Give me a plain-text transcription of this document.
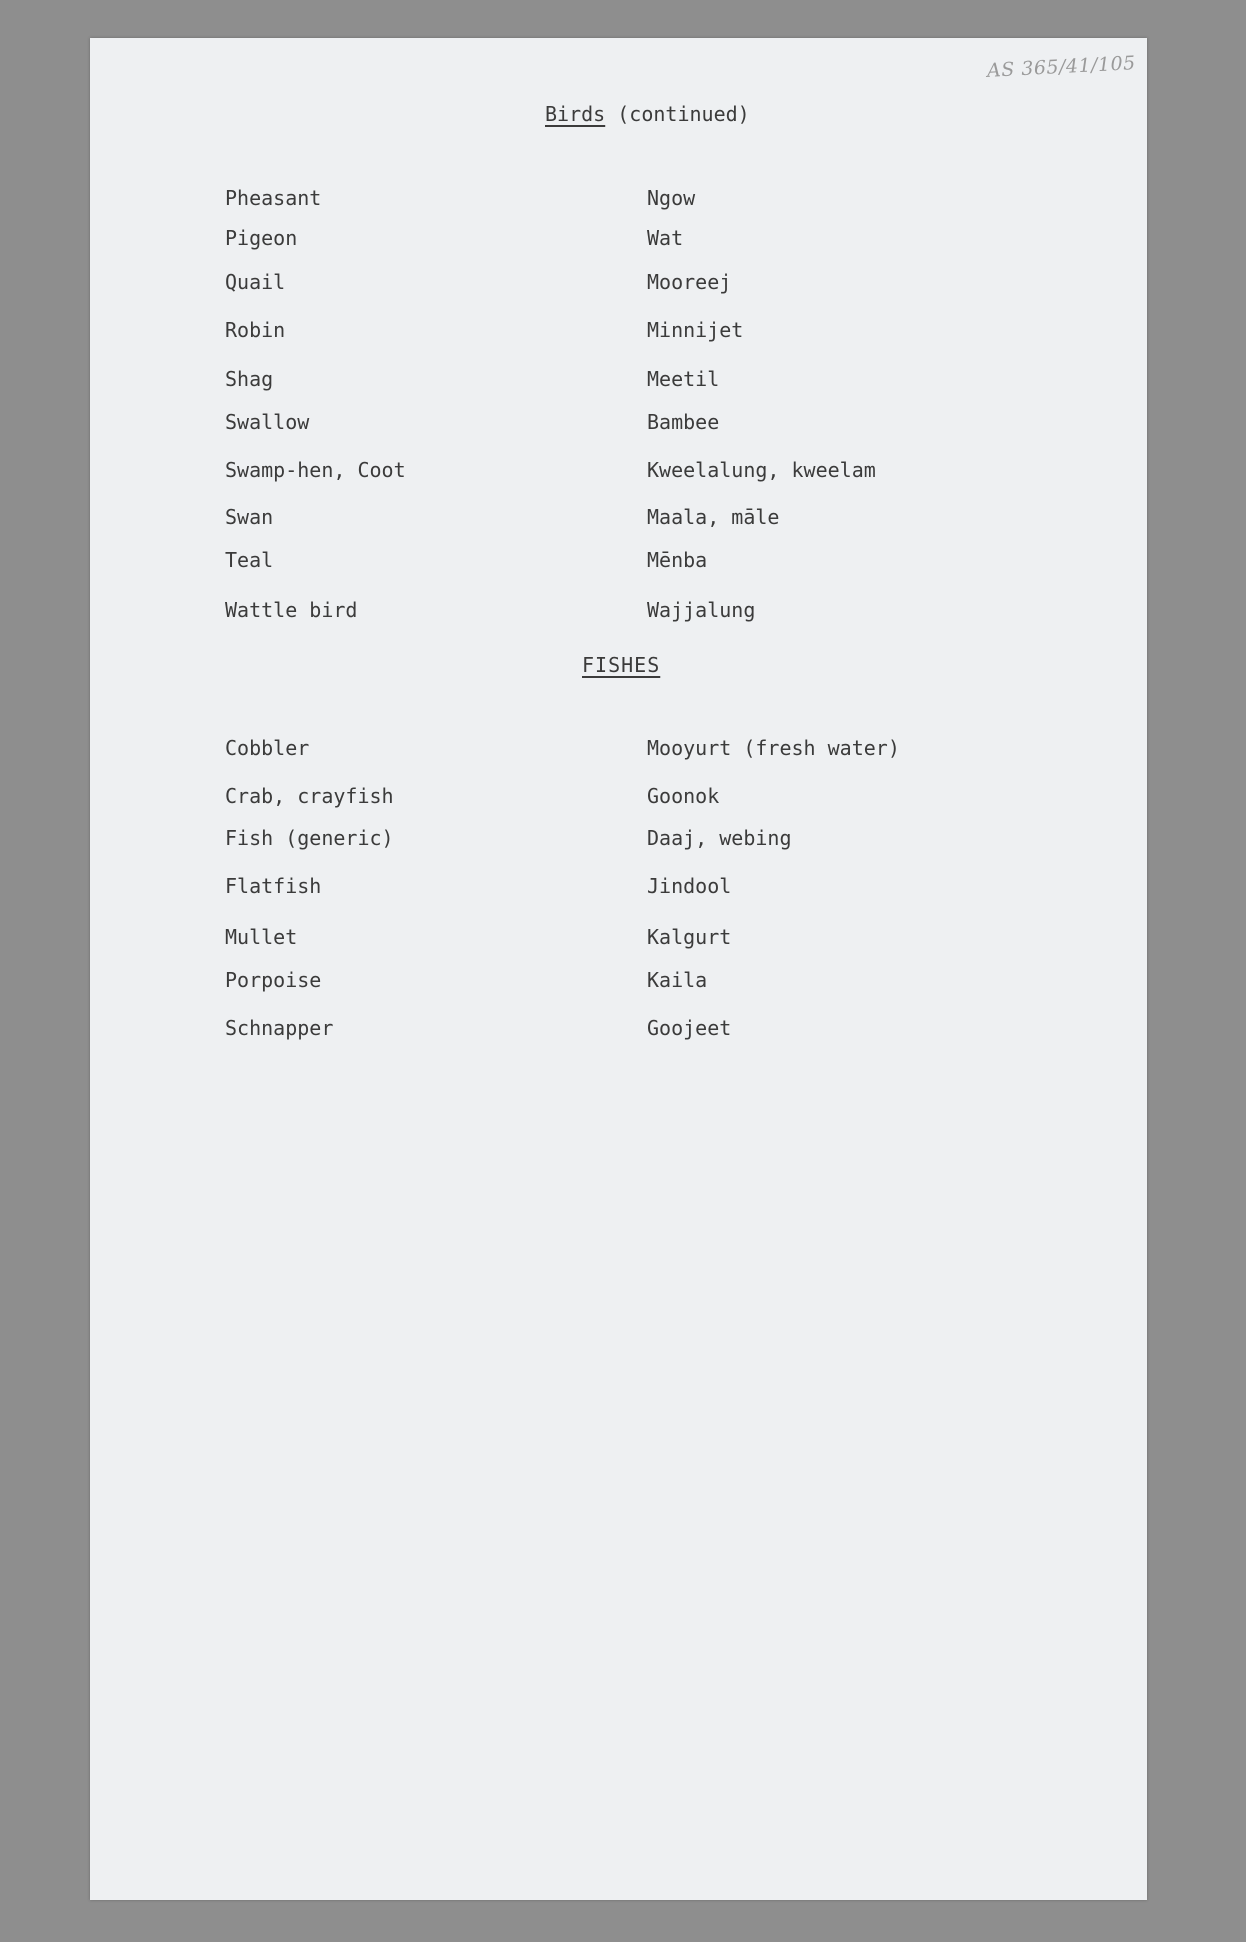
AS 365/41/105
Birds (continued)
Pheasant	Ngow
Pigeon	Wat
Quail	Mooreej
Robin	Minnijet
Shag	Meetil
Swallow	Bambee
Swamp-hen, Coot	Kweelalung, kweelam
Swan	Maala, māle
Teal	Mēnba
Wattle bird	Wajjalung
FISHES
Cobbler	Mooyurt (fresh water)
Crab, crayfish	Goonok
Fish (generic)	Daaj, webing
Flatfish	Jindool
Mullet	Kalgurt
Porpoise	Kaila
Schnapper	Goojeet
